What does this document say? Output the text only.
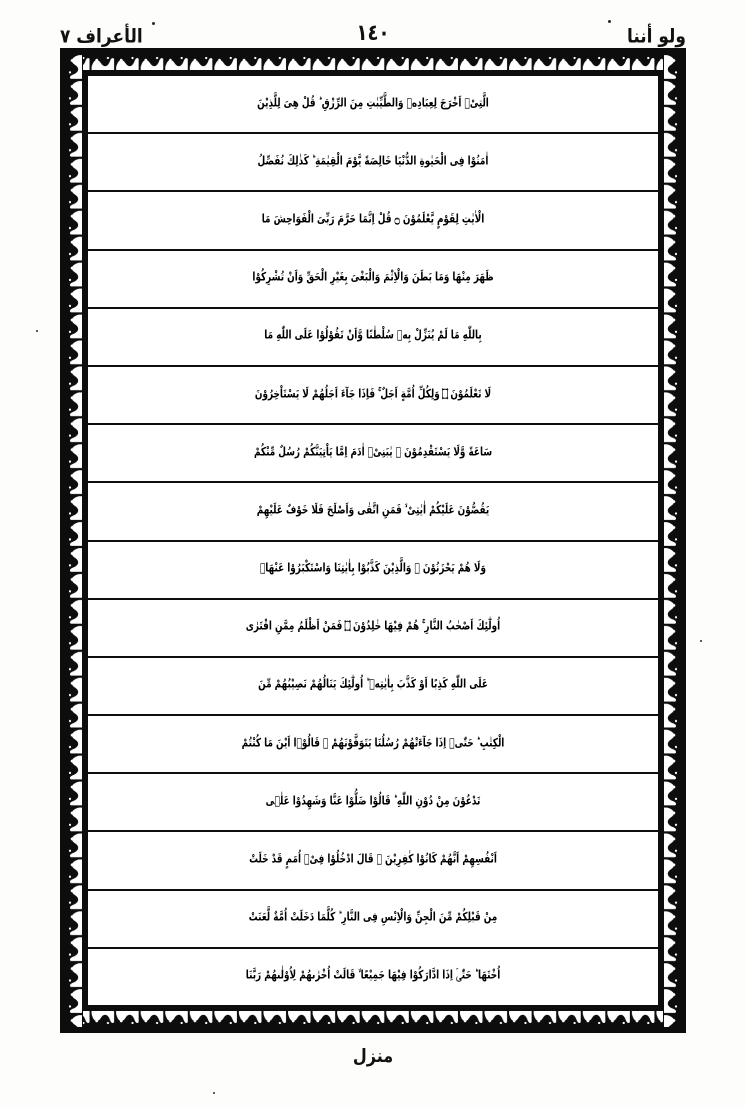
الأعراف ٧	١٤٠	ولو أننا
الَّتِىْۤ اَخْرَجَ لِعِبَادِهٖ وَالطَّيِّبٰتِ مِنَ الرِّزْقِ ؕ قُلْ هِىَ لِلَّذِيْنَ
اٰمَنُوْا فِى الْحَيٰوةِ الدُّنْيَا خَالِصَةً يَّوْمَ الْقِيٰمَةِ ؕ كَذٰلِكَ نُفَصِّلُ
الْاٰيٰتِ لِقَوْمٍ يَّعْلَمُوْنَ ۝ قُلْ اِنَّمَا حَرَّمَ رَبِّىَ الْفَوَاحِشَ مَا
ظَهَرَ مِنْهَا وَمَا بَطَنَ وَالْاِثْمَ وَالْبَغْىَ بِغَيْرِ الْحَقِّ وَاَنْ تُشْرِكُوْا
بِاللّٰهِ مَا لَمْ يُنَزِّلْ بِهٖ سُلْطٰنًا وَّاَنْ تَقُوْلُوْا عَلَى اللّٰهِ مَا
لَا تَعْلَمُوْنَ ۝ وَلِكُلِّ اُمَّةٍ اَجَلٌ ۚ فَاِذَا جَآءَ اَجَلُهُمْ لَا يَسْتَاْخِرُوْنَ
سَاعَةً وَّلَا يَسْتَقْدِمُوْنَ ۝ يٰبَنِىْۤ اٰدَمَ اِمَّا يَاْتِيَنَّكُمْ رُسُلٌ مِّنْكُمْ
يَقُصُّوْنَ عَلَيْكُمْ اٰيٰتِىْ ۙ فَمَنِ اتَّقٰى وَاَصْلَحَ فَلَا خَوْفٌ عَلَيْهِمْ
وَلَا هُمْ يَحْزَنُوْنَ ۝ وَالَّذِيْنَ كَذَّبُوْا بِاٰيٰتِنَا وَاسْتَكْبَرُوْا عَنْهَاۤ
اُولٰٓئِكَ اَصْحٰبُ النَّارِ ۚ هُمْ فِيْهَا خٰلِدُوْنَ ۝ فَمَنْ اَظْلَمُ مِمَّنِ افْتَرٰى
عَلَى اللّٰهِ كَذِبًا اَوْ كَذَّبَ بِاٰيٰتِهٖ ؕ اُولٰٓئِكَ يَنَالُهُمْ نَصِيْبُهُمْ مِّنَ
الْكِتٰبِ ؕ حَتّٰىۤ اِذَا جَآءَتْهُمْ رُسُلُنَا يَتَوَفَّوْنَهُمْ ۙ قَالُوْۤا اَيْنَ مَا كُنْتُمْ
تَدْعُوْنَ مِنْ دُوْنِ اللّٰهِ ؕ قَالُوْا ضَلُّوْا عَنَّا وَشَهِدُوْا عَلٰۤى
اَنْفُسِهِمْ اَنَّهُمْ كَانُوْا كٰفِرِيْنَ ۝ قَالَ ادْخُلُوْا فِىْۤ اُمَمٍ قَدْ خَلَتْ
مِنْ قَبْلِكُمْ مِّنَ الْجِنِّ وَالْاِنْسِ فِى النَّارِ ؕ كُلَّمَا دَخَلَتْ اُمَّةٌ لَّعَنَتْ
اُخْتَهَا ؕ حَتّٰىۤ اِذَا ادَّارَكُوْا فِيْهَا جَمِيْعًا ۙ قَالَتْ اُخْرٰىهُمْ لِاُوْلٰىهُمْ رَبَّنَا
منزل
